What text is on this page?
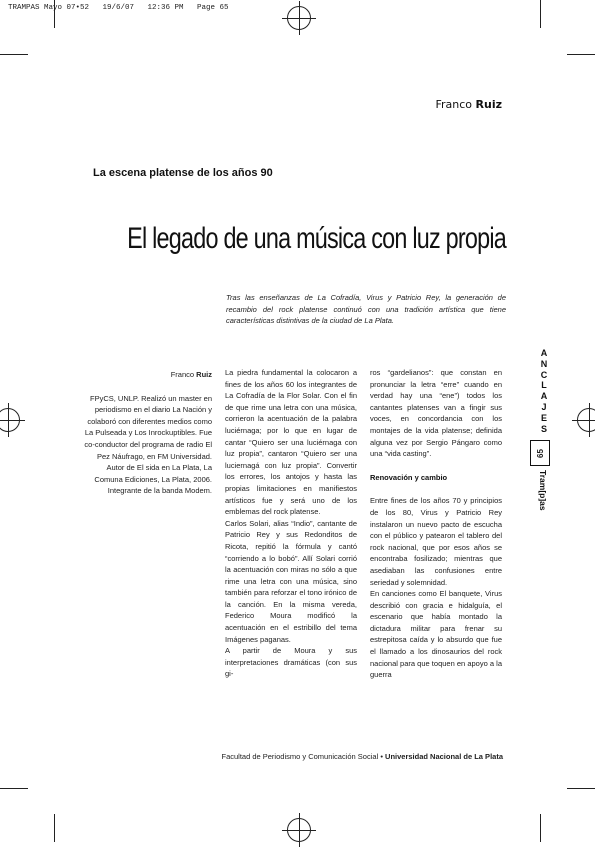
TRAMPAS Mayo 07•52   19/6/07   12:36 PM   Page 65
Franco Ruiz
La escena platense de los años 90
El legado de una música con luz propia
Tras las enseñanzas de La Cofradía, Virus y Patricio Rey, la generación de recambio del rock platense continuó con una tradición artística que tiene características distintivas de la ciudad de La Plata.
Franco Ruiz

FPyCS, UNLP. Realizó un master en periodismo en el diario La Nación y colaboró con diferentes medios como La Pulseada y Los Inrockuptibles. Fue co-conductor del programa de radio El Pez Náufrago, en FM Universidad. Autor de El sida en La Plata, La Comuna Ediciones, La Plata, 2006. Integrante de la banda Modem.

La piedra fundamental la colocaron a fines de los años 60 los integrantes de La Cofradía de la Flor Solar. Con el fin de que rime una letra con una música, corrieron la acentuación de la palabra luciérnaga; por lo que en lugar de cantar “Quiero ser una luciérnaga con luz propia”, cantaron “Quiero ser una luciernagá con luz propia”. Convertir los errores, los antojos y hasta las propias limitaciones en manifiestos artísticos fue y será uno de los emblemas del rock platense.

Carlos Solari, alias “Indio”, cantante de Patricio Rey y sus Redonditos de Ricota, repitió la fórmula y cantó “corriendo a lo bobó”. Allí Solari corrió la acentuación con miras no sólo a que rime una letra con una música, sino también para reforzar el tono irónico de la canción. En la misma vereda, Federico Moura modificó la acentuación en el estribillo del tema Imágenes paganas.

A partir de Moura y sus interpretaciones dramáticas (con sus gi-

ros “gardelianos”: que constan en pronunciar la letra “erre” cuando en verdad hay una “ene”) todos los cantantes platenses van a fingir sus voces, en concordancia con los montajes de la vida platense; definida alguna vez por Sergio Pángaro como una “vida casting”.

Renovación y cambio

Entre fines de los años 70 y principios de los 80, Virus y Patricio Rey instalaron un nuevo pacto de escucha con el público y patearon el tablero del rock nacional, que por esos años se encontraba fosilizado; mientras que asediaban las confusiones entre seriedad y solemnidad.

En canciones como El banquete, Virus describió con gracia e hidalguía, el escenario que había montado la dictadura militar para frenar su estrepitosa caída y lo absurdo que fue el llamado a los dinosaurios del rock nacional para que toquen en apoyo a la guerra

A
N
C
L
A
J
E
S
65
Tram[p]as
Facultad de Periodismo y Comunicación Social • Universidad Nacional de La Plata
